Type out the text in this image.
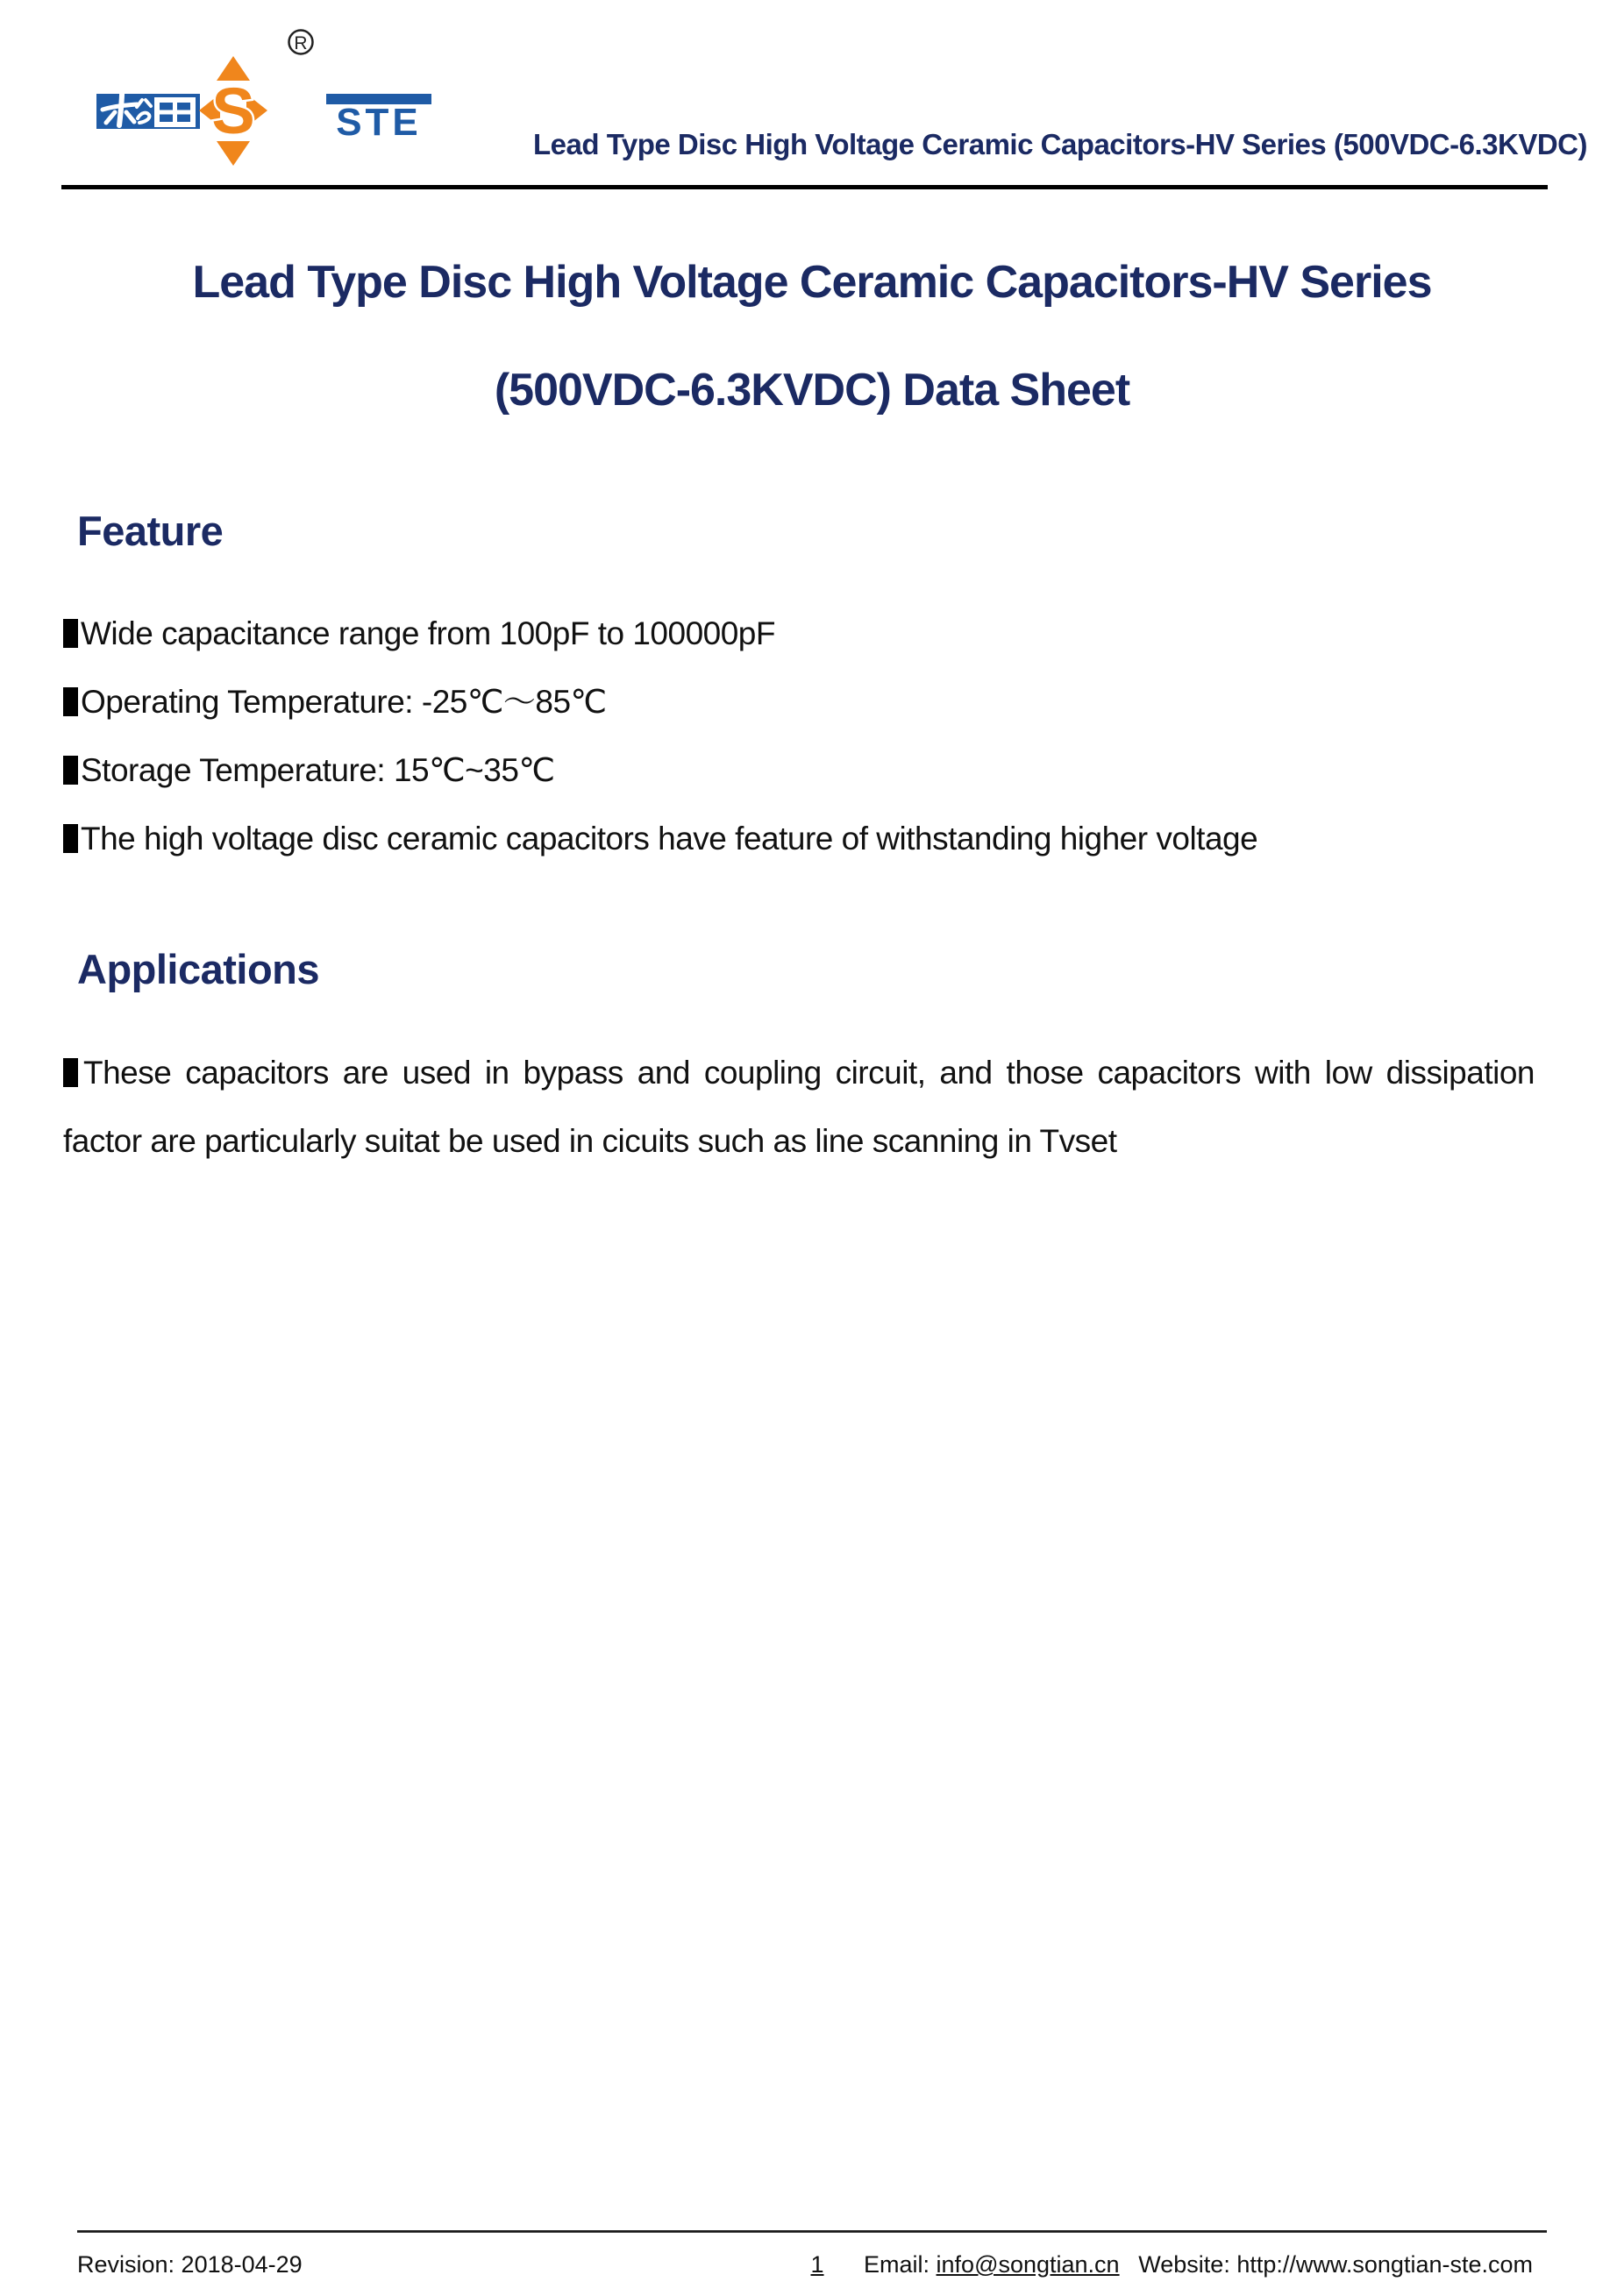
S
R
STE
Lead Type Disc High Voltage Ceramic Capacitors-HV Series (500VDC-6.3KVDC)
Lead Type Disc High Voltage Ceramic Capacitors-HV Series
(500VDC-6.3KVDC) Data Sheet
Feature
Wide capacitance range from 100pF to 100000pF
Operating Temperature: -25℃～85℃
Storage Temperature: 15℃~35℃
The high voltage disc ceramic capacitors have feature of withstanding higher voltage
Applications

These capacitors are used in bypass and coupling circuit, and those capacitors with low dissipation factor are particularly suitat be used in cicuits such as line scanning in Tvset

Revision: 2018-04-29	1 Email: info@songtian.cn Website: http://www.songtian-ste.com
